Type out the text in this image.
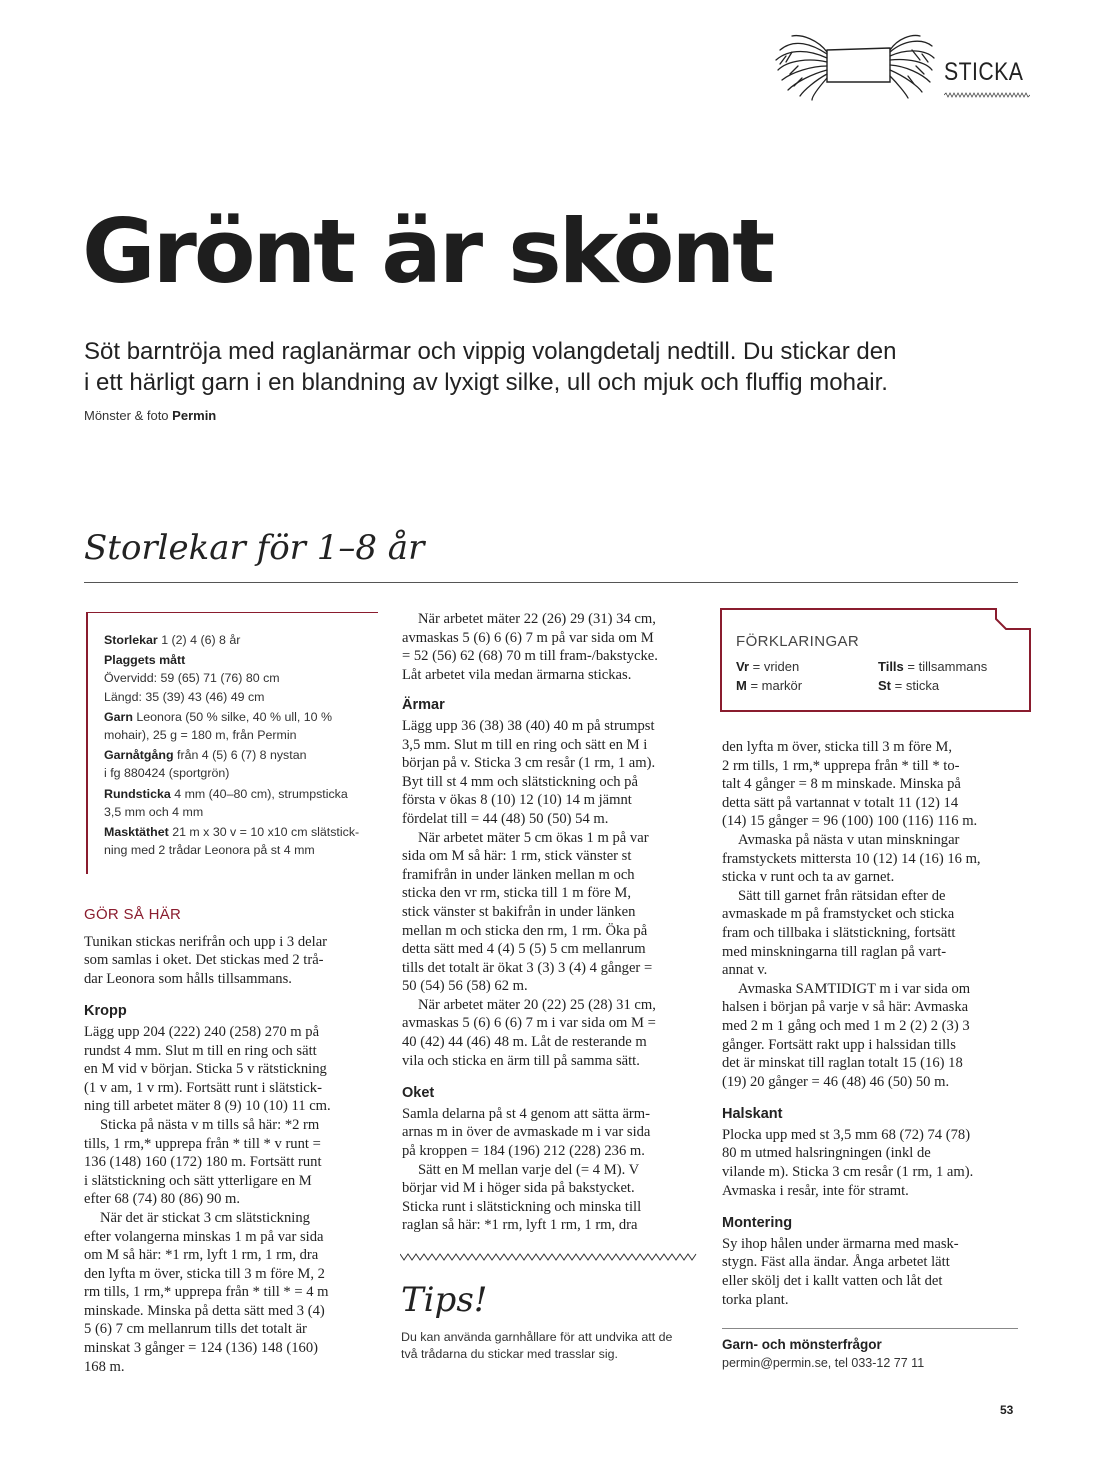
STICKA
Grönt är skönt
Söt barntröja med raglanärmar och vippig volangdetalj nedtill. Du stickar den
i ett härligt garn i en blandning av lyxigt silke, ull och mjuk och fluffig mohair.
Mönster & foto Permin
Storlekar för 1–8 år
Storlekar 1 (2) 4 (6) 8 år
Plaggets mått
Övervidd: 59 (65) 71 (76) 80 cm
Längd: 35 (39) 43 (46) 49 cm
Garn Leonora (50 % silke, 40 % ull, 10 %
mohair), 25 g = 180 m, från Permin
Garnåtgång från 4 (5) 6 (7) 8 nystan
i fg 880424 (sportgrön)
Rundsticka 4 mm (40–80 cm), strumpsticka
3,5 mm och 4 mm
Masktäthet 21 m x 30 v = 10 x10 cm slätstick-
ning med 2 trådar Leonora på st 4 mm
GÖR SÅ HÄR

Tunikan stickas nerifrån och upp i 3 delar

som samlas i oket. Det stickas med 2 trå-

dar Leonora som hålls tillsammans.

Kropp

Lägg upp 204 (222) 240 (258) 270 m på

rundst 4 mm. Slut m till en ring och sätt

en M vid v början. Sticka 5 v rätstickning

(1 v am, 1 v rm). Fortsätt runt i slätstick-

ning till arbetet mäter 8 (9) 10 (10) 11 cm.

Sticka på nästa v m tills så här: *2 rm

tills, 1 rm,* upprepa från * till * v runt =

136 (148) 160 (172) 180 m. Fortsätt runt

i slätstickning och sätt ytterligare en M

efter 68 (74) 80 (86) 90 m.

När det är stickat 3 cm slätstickning

efter volangerna minskas 1 m på var sida

om M så här: *1 rm, lyft 1 rm, 1 rm, dra

den lyfta m över, sticka till 3 m före M, 2

rm tills, 1 rm,* upprepa från * till * = 4 m

minskade. Minska på detta sätt med 3 (4)

5 (6) 7 cm mellanrum tills det totalt är

minskat 3 gånger = 124 (136) 148 (160)

168 m.

När arbetet mäter 22 (26) 29 (31) 34 cm,

avmaskas 5 (6) 6 (6) 7 m på var sida om M

= 52 (56) 62 (68) 70 m till fram-/bakstycke.

Låt arbetet vila medan ärmarna stickas.

Ärmar

Lägg upp 36 (38) 38 (40) 40 m på strumpst

3,5 mm. Slut m till en ring och sätt en M i

början på v. Sticka 3 cm resår (1 rm, 1 am).

Byt till st 4 mm och slätstickning och på

första v ökas 8 (10) 12 (10) 14 m jämnt

fördelat till = 44 (48) 50 (50) 54 m.

När arbetet mäter 5 cm ökas 1 m på var

sida om M så här: 1 rm, stick vänster st

framifrån in under länken mellan m och

sticka den vr rm, sticka till 1 m före M,

stick vänster st bakifrån in under länken

mellan m och sticka den rm, 1 rm. Öka på

detta sätt med 4 (4) 5 (5) 5 cm mellanrum

tills det totalt är ökat 3 (3) 3 (4) 4 gånger =

50 (54) 56 (58) 62 m.

När arbetet mäter 20 (22) 25 (28) 31 cm,

avmaskas 5 (6) 6 (6) 7 m i var sida om M =

40 (42) 44 (46) 48 m. Låt de resterande m

vila och sticka en ärm till på samma sätt.

Oket

Samla delarna på st 4 genom att sätta ärm-

arnas m in över de avmaskade m i var sida

på kroppen = 184 (196) 212 (228) 236 m.

Sätt en M mellan varje del (= 4 M). V

börjar vid M i höger sida på bakstycket.

Sticka runt i slätstickning och minska till

raglan så här: *1 rm, lyft 1 rm, 1 rm, dra

Tips!
Du kan använda garnhållare för att undvika att de
två trådarna du stickar med trasslar sig.
FÖRKLARINGAR
Vr = vriden	Tills = tillsammans
M = markör	St = sticka

den lyfta m över, sticka till 3 m före M,

2 rm tills, 1 rm,* upprepa från * till * to-

talt 4 gånger = 8 m minskade. Minska på

detta sätt på vartannat v totalt 11 (12) 14

(14) 15 gånger = 96 (100) 100 (116) 116 m.

Avmaska på nästa v utan minskningar

framstyckets mittersta 10 (12) 14 (16) 16 m,

sticka v runt och ta av garnet.

Sätt till garnet från rätsidan efter de

avmaskade m på framstycket och sticka

fram och tillbaka i slätstickning, fortsätt

med minskningarna till raglan på vart-

annat v.

Avmaska SAMTIDIGT m i var sida om

halsen i början på varje v så här: Avmaska

med 2 m 1 gång och med 1 m 2 (2) 2 (3) 3

gånger. Fortsätt rakt upp i halssidan tills

det är minskat till raglan totalt 15 (16) 18

(19) 20 gånger = 46 (48) 46 (50) 50 m.

Halskant

Plocka upp med st 3,5 mm 68 (72) 74 (78)

80 m utmed halsringningen (inkl de

vilande m). Sticka 3 cm resår (1 rm, 1 am).

Avmaska i resår, inte för stramt.

Montering

Sy ihop hålen under ärmarna med mask-

stygn. Fäst alla ändar. Ånga arbetet lätt

eller skölj det i kallt vatten och låt det

torka plant.

Garn- och mönsterfrågor
permin@permin.se, tel 033-12 77 11
53
